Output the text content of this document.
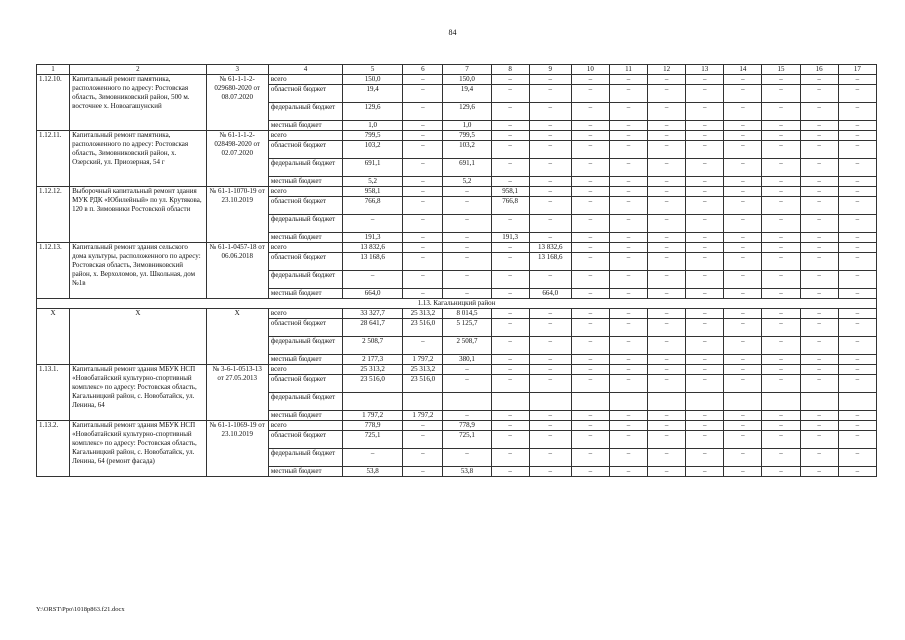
84
1	2	3	4	5	6	7	8	9	10	11	12	13	14	15	16	17
1.12.10.	Капитальный ремонт памятника, расположенного по адресу: Ростовская область, Зимовниковский район, 500 м. восточнее х. Новоагашунский	№ 61-1-1-2-029680-2020 от 08.07.2020	всего	150,0	–	150,0	–	–	–	–	–	–	–	–	–	–
			областной бюджет	19,4	–	19,4	–	–	–	–	–	–	–	–	–	–
			федеральный бюджет	129,6	–	129,6	–	–	–	–	–	–	–	–	–	–
			местный бюджет	1,0	–	1,0	–	–	–	–	–	–	–	–	–	–
1.12.11.	Капитальный ремонт памятника, расположенного по адресу: Ростовская область, Зимовниковский район, х. Озерский, ул. Приозерная, 54 г	№ 61-1-1-2-028498-2020 от 02.07.2020	всего	799,5	–	799,5	–	–	–	–	–	–	–	–	–	–
			областной бюджет	103,2	–	103,2	–	–	–	–	–	–	–	–	–	–
			федеральный бюджет	691,1	–	691,1	–	–	–	–	–	–	–	–	–	–
			местный бюджет	5,2	–	5,2	–	–	–	–	–	–	–	–	–	–
1.12.12.	Выборочный капитальный ремонт здания МУК РДК «Юбилейный» по ул. Крутякова, 120 в п. Зимовники Ростовской области	№ 61-1-1070-19 от 23.10.2019	всего	958,1	–	–	958,1	–	–	–	–	–	–	–	–	–
			областной бюджет	766,8	–	–	766,8	–	–	–	–	–	–	–	–	–
			федеральный бюджет	–	–	–	–	–	–	–	–	–	–	–	–	–
			местный бюджет	191,3	–	–	191,3	–	–	–	–	–	–	–	–	–
1.12.13.	Капитальный ремонт здания сельского дома культуры, расположенного по адресу: Ростовская область, Зимовниковский район, х. Верхоломов, ул. Школьная, дом №1в	№ 61-1-0457-18 от 06.06.2018	всего	13 832,6	–	–	–	13 832,6	–	–	–	–	–	–	–	–
			областной бюджет	13 168,6	–	–	–	13 168,6	–	–	–	–	–	–	–	–
			федеральный бюджет	–	–	–	–	–	–	–	–	–	–	–	–	–
			местный бюджет	664,0	–	–	–	664,0	–	–	–	–	–	–	–	–
1.13. Кагальницкий район																
Х	Х	Х	всего	33 327,7	25 313,2	8 014,5	–	–	–	–	–	–	–	–	–	–
			областной бюджет	28 641,7	23 516,0	5 125,7	–	–	–	–	–	–	–	–	–	–
			федеральный бюджет	2 508,7	–	2 508,7	–	–	–	–	–	–	–	–	–	–
			местный бюджет	2 177,3	1 797,2	380,1	–	–	–	–	–	–	–	–	–	–
1.13.1.	Капитальный ремонт здания МБУК НСП «Новобатайский культурно-спортивный комплекс» по адресу: Ростовская область, Кагальницкий район, с. Новобатайск, ул. Ленина, 64	№ 3-6-1-0513-13 от 27.05.2013	всего	25 313,2	25 313,2	–	–	–	–	–	–	–	–	–	–	–
			областной бюджет	23 516,0	23 516,0	–	–	–	–	–	–	–	–	–	–	–
			федеральный бюджет													
			местный бюджет	1 797,2	1 797,2	–	–	–	–	–	–	–	–	–	–	–
1.13.2.	Капитальный ремонт здания МБУК НСП «Новобатайский культурно-спортивный комплекс» по адресу: Ростовская область, Кагальницкий район, с. Новобатайск, ул. Ленина, 64 (ремонт фасада)	№ 61-1-1069-19 от 23.10.2019	всего	778,9	–	778,9	–	–	–	–	–	–	–	–	–	–
			областной бюджет	725,1	–	725,1	–	–	–	–	–	–	–	–	–	–
			федеральный бюджет	–	–	–	–	–	–	–	–	–	–	–	–	–
			местный бюджет	53,8	–	53,8	–	–	–	–	–	–	–	–	–	–
Y:\ORST\Ppo\1018p863.f21.docx
